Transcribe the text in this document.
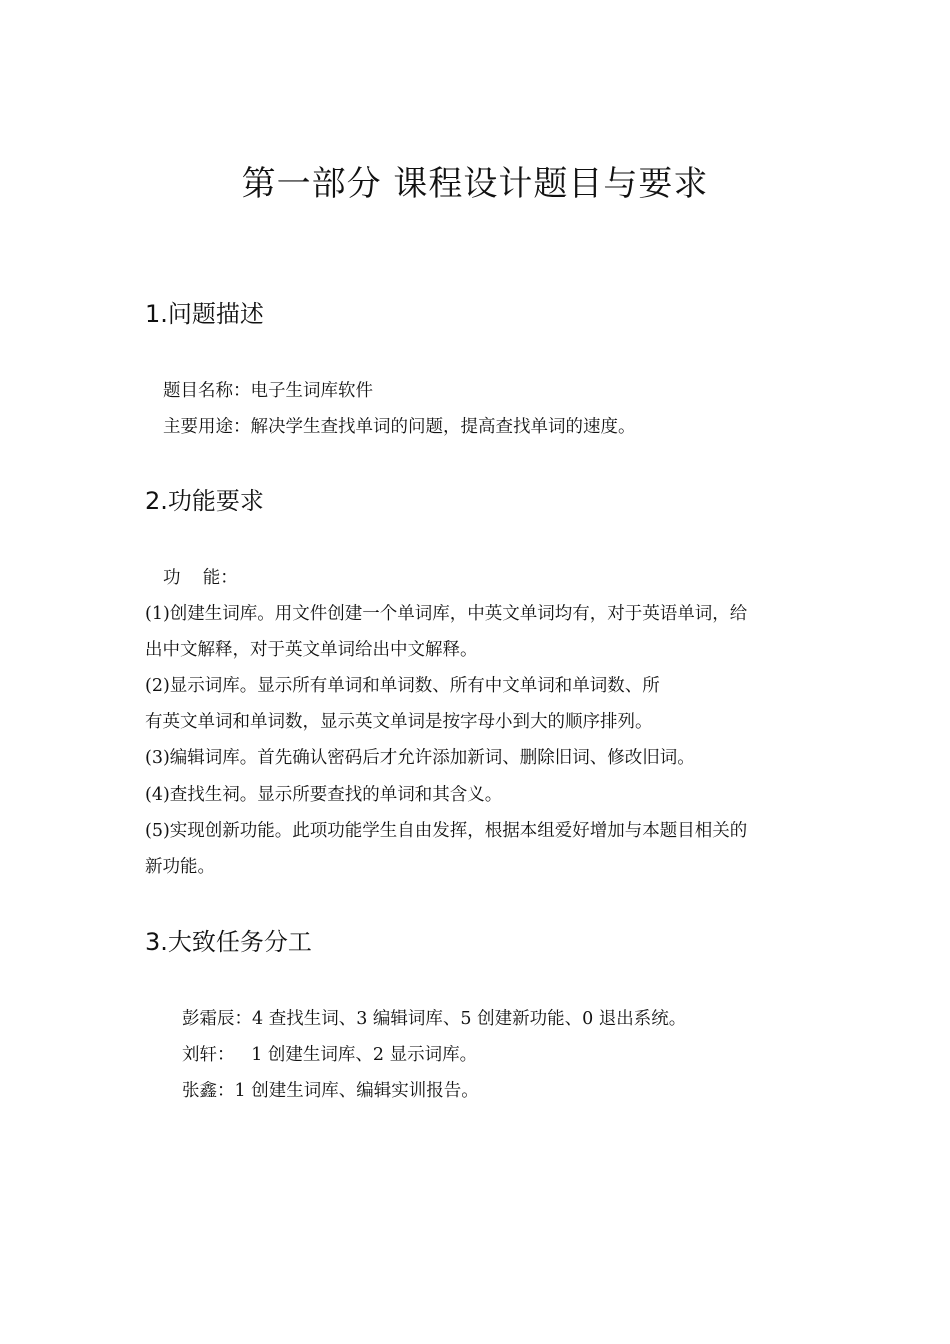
第一部分 课程设计题目与要求
1.问题描述

题目名称：电子生词库软件

主要用途：解决学生查找单词的问题，提高查找单词的速度。

2.功能要求

功    能：

(1)创建生词库。用文件创建一个单词库，中英文单词均有，对于英语单词，给

出中文解释，对于英文单词给出中文解释。

(2)显示词库。显示所有单词和单词数、所有中文单词和单词数、所

有英文单词和单词数，显示英文单词是按字母小到大的顺序排列。

(3)编辑词库。首先确认密码后才允许添加新词、删除旧词、修改旧词。

(4)查找生祠。显示所要查找的单词和其含义。

(5)实现创新功能。此项功能学生自由发挥，根据本组爱好增加与本题目相关的

新功能。

3.大致任务分工

彭霜辰：4 查找生词、3 编辑词库、5 创建新功能、0 退出系统。

刘轩：   1 创建生词库、2 显示词库。

张鑫：1 创建生词库、编辑实训报告。
